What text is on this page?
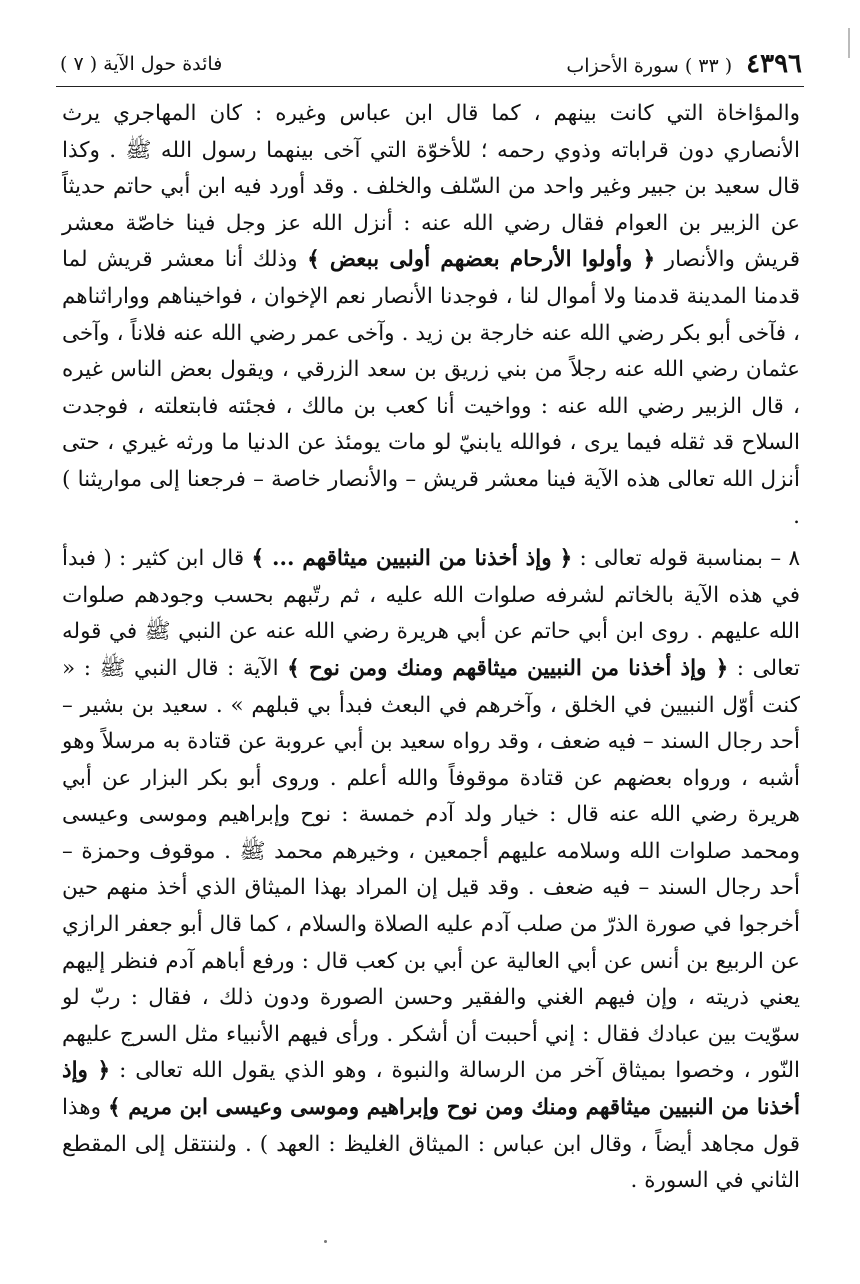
٤٣٩٦
( ٣٣ ) سورة الأحزاب
فائدة حول الآية ( ٧ )

والمؤاخاة التي كانت بينهم ، كما قال ابن عباس وغيره : كان المهاجري يرث الأنصاري دون قراباته وذوي رحمه ؛ للأخوّة التي آخى بينهما رسول الله ﷺ . وكذا قال سعيد بن جبير وغير واحد من السّلف والخلف . وقد أورد فيه ابن أبي حاتم حديثاً عن الزبير بن العوام فقال رضي الله عنه : أنزل الله عز وجل فينا خاصّة معشر قريش والأنصار ﴿ وأولوا الأرحام بعضهم أولى ببعض ﴾ وذلك أنا معشر قريش لما قدمنا المدينة قدمنا ولا أموال لنا ، فوجدنا الأنصار نعم الإخوان ، فواخيناهم وواراثناهم ، فآخى أبو بكر رضي الله عنه خارجة بن زيد . وآخى عمر رضي الله عنه فلاناً ، وآخى عثمان رضي الله عنه رجلاً من بني زريق بن سعد الزرقي ، ويقول بعض الناس غيره ، قال الزبير رضي الله عنه : وواخيت أنا كعب بن مالك ، فجئته فابتعلته ، فوجدت السلاح قد ثقله فيما يرى ، فوالله يابنيّ لو مات يومئذ عن الدنيا ما ورثه غيري ، حتى أنزل الله تعالى هذه الآية فينا معشر قريش – والأنصار خاصة – فرجعنا إلى مواريثنا ) .

٨ – بمناسبة قوله تعالى : ﴿ وإذ أخذنا من النبيين ميثاقهم ... ﴾ قال ابن كثير : ( فبدأ في هذه الآية بالخاتم لشرفه صلوات الله عليه ، ثم رتّبهم بحسب وجودهم صلوات الله عليهم . روى ابن أبي حاتم عن أبي هريرة رضي الله عنه عن النبي ﷺ في قوله تعالى : ﴿ وإذ أخذنا من النبيين ميثاقهم ومنك ومن نوح ﴾ الآية : قال النبي ﷺ : « كنت أوّل النبيين في الخلق ، وآخرهم في البعث فبدأ بي قبلهم » . سعيد بن بشير – أحد رجال السند – فيه ضعف ، وقد رواه سعيد بن أبي عروبة عن قتادة به مرسلاً وهو أشبه ، ورواه بعضهم عن قتادة موقوفاً والله أعلم . وروى أبو بكر البزار عن أبي هريرة رضي الله عنه قال : خيار ولد آدم خمسة : نوح وإبراهيم وموسى وعيسى ومحمد صلوات الله وسلامه عليهم أجمعين ، وخيرهم محمد ﷺ . موقوف وحمزة – أحد رجال السند – فيه ضعف . وقد قيل إن المراد بهذا الميثاق الذي أخذ منهم حين أخرجوا في صورة الذرّ من صلب آدم عليه الصلاة والسلام ، كما قال أبو جعفر الرازي عن الربيع بن أنس عن أبي العالية عن أبي بن كعب قال : ورفع أباهم آدم فنظر إليهم يعني ذريته ، وإن فيهم الغني والفقير وحسن الصورة ودون ذلك ، فقال : ربّ لو سوّيت بين عبادك فقال : إني أحببت أن أشكر . ورأى فيهم الأنبياء مثل السرج عليهم النّور ، وخصوا بميثاق آخر من الرسالة والنبوة ، وهو الذي يقول الله تعالى : ﴿ وإذ أخذنا من النبيين ميثاقهم ومنك ومن نوح وإبراهيم وموسى وعيسى ابن مريم ﴾ وهذا قول مجاهد أيضاً ، وقال ابن عباس : الميثاق الغليظ : العهد ) . ولننتقل إلى المقطع الثاني في السورة .
